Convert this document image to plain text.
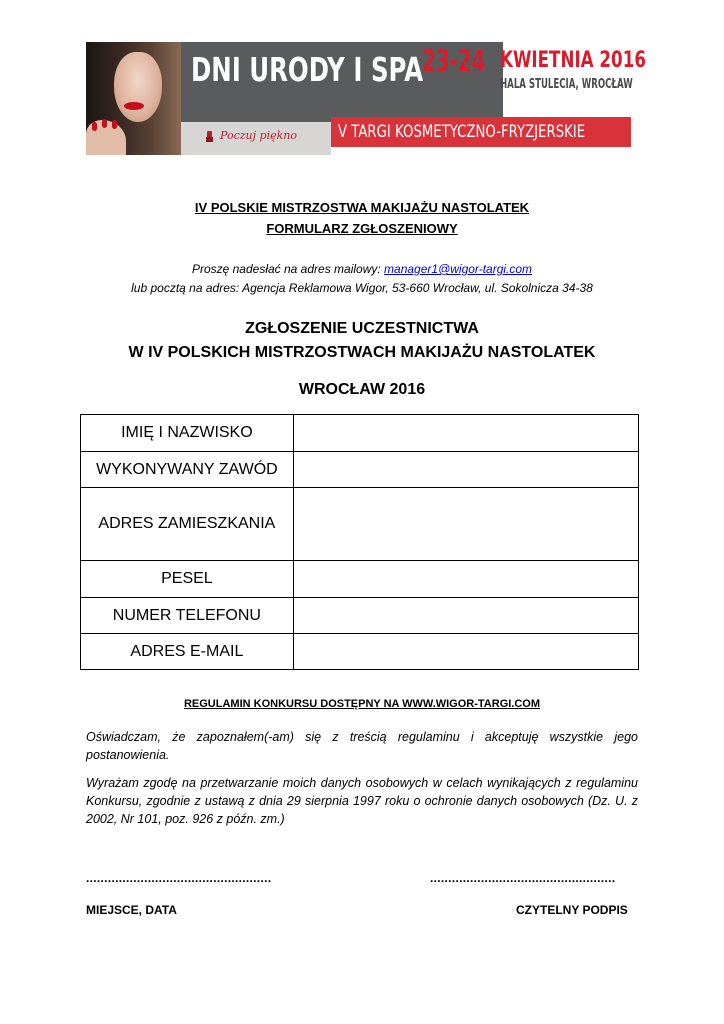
DNI URODY I SPA
23-24 KWIETNIA 2016
HALA STULECIA, WROCŁAW
Poczuj piękno V TARGI KOSMETYCZNO-FRYZJERSKIE
IV POLSKIE MISTRZOSTWA MAKIJAŻU NASTOLATEK
FORMULARZ ZGŁOSZENIOWY
Proszę nadesłać na adres mailowy: manager1@wigor-targi.com
lub pocztą na adres: Agencja Reklamowa Wigor, 53-660 Wrocław, ul. Sokolnicza 34-38
ZGŁOSZENIE UCZESTNICTWA
W IV POLSKICH MISTRZOSTWACH MAKIJAŻU NASTOLATEK
WROCŁAW 2016
IMIĘ I NAZWISKO	
WYKONYWANY ZAWÓD	
ADRES ZAMIESZKANIA	
PESEL	
NUMER TELEFONU	
ADRES E-MAIL	
REGULAMIN KONKURSU DOSTĘPNY NA WWW.WIGOR-TARGI.COM
Oświadczam, że zapoznałem(-am) się z treścią regulaminu i akceptuję wszystkie jego postanowienia.
Wyrażam zgodę na przetwarzanie moich danych osobowych w celach wynikających z regulaminu Konkursu, zgodnie z ustawą z dnia 29 sierpnia 1997 roku o ochronie danych osobowych (Dz. U. z 2002, Nr 101, poz. 926 z późn. zm.)
...................................................	...................................................
MIEJSCE, DATA	CZYTELNY PODPIS
